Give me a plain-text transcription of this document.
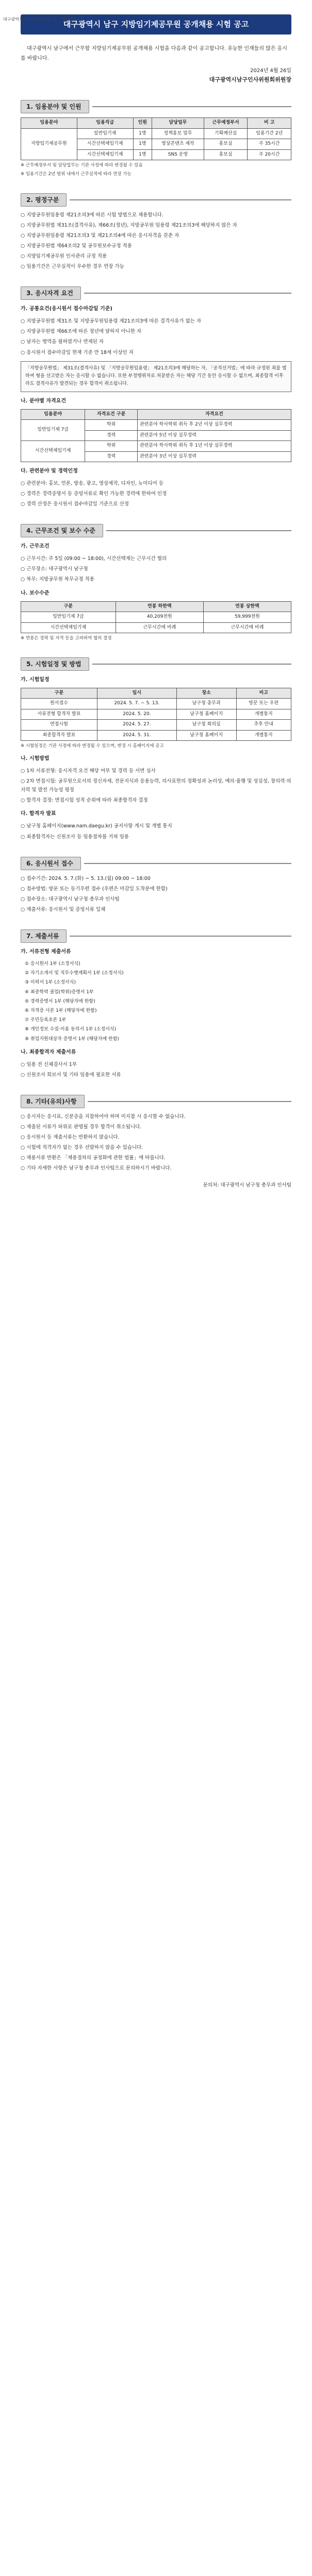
대구광역시남구인사위원회 공고 제2024 - 호
대구광역시 남구 지방임기제공무원 공개채용 시험 공고

대구광역시 남구에서 근무할 지방임기제공무원 공개채용 시험을 다음과 같이 공고합니다. 유능한 인재들의 많은 응시를 바랍니다.

2024년 4월 26일
대구광역시남구인사위원회위원장
1. 임용분야 및 인원
임용분야	임용직급	인원	담당업무	근무예정부서	비 고
지방임기제공무원	일반임기제	1명	정책홍보 업무	기획예산실	임용기간 2년
	시간선택제임기제	1명	영상콘텐츠 제작	홍보실	주 35시간
	시간선택제임기제	1명	SNS 운영	홍보실	주 20시간

※ 근무예정부서 및 담당업무는 기관 사정에 따라 변경될 수 있음

※ 임용기간은 2년 범위 내에서 근무실적에 따라 연장 가능

2. 평정구분

○ 지방공무원임용령 제21조의3에 따른 시험 방법으로 채용합니다.

○ 지방공무원법 제31조(결격사유), 제66조(정년), 지방공무원 임용령 제21조의3에 해당하지 않은 자

○ 지방공무원임용령 제21조의3 및 제21조의4에 따른 응시자격을 갖춘 자

○ 지방공무원법 제64조의2 및 공무원보수규정 적용

○ 지방임기제공무원 인사관리 규정 적용

○ 임용기간은 근무실적이 우수한 경우 연장 가능

3. 응시자격 요건

가. 공통요건(응시원서 접수마감일 기준)

○ 지방공무원법 제31조 및 지방공무원임용령 제21조의3에 따른 결격사유가 없는 자

○ 지방공무원법 제66조에 따른 정년에 달하지 아니한 자

○ 남자는 병역을 필하였거나 면제된 자

○ 응시원서 접수마감일 현재 기준 만 18세 이상인 자

「지방공무원법」 제31조(결격사유) 및 「지방공무원임용령」 제21조의3에 해당하는 자, 「공직선거법」에 따라 규정된 죄를 범하여 형을 선고받은 자는 응시할 수 없습니다. 또한 부정행위자로 처분받은 자는 해당 기간 동안 응시할 수 없으며, 최종합격 이후라도 결격사유가 발견되는 경우 합격이 취소됩니다.

나. 분야별 자격요건

임용분야	자격요건 구분	자격요건
일반임기제 7급	학위	관련분야 학사학위 취득 후 2년 이상 실무경력
	경력	관련분야 5년 이상 실무경력
시간선택제임기제	학위	관련분야 학사학위 취득 후 1년 이상 실무경력
	경력	관련분야 3년 이상 실무경력

다. 관련분야 및 경력인정

○ 관련분야: 홍보, 언론, 방송, 광고, 영상제작, 디자인, 뉴미디어 등

○ 경력은 경력증명서 등 증빙서류로 확인 가능한 경력에 한하여 인정

○ 경력 산정은 응시원서 접수마감일 기준으로 산정

4. 근무조건 및 보수 수준

가. 근무조건

○ 근무시간: 주 5일 (09:00 ~ 18:00), 시간선택제는 근무시간 협의

○ 근무장소: 대구광역시 남구청

○ 복무: 지방공무원 복무규정 적용

나. 보수수준

구분	연봉 하한액	연봉 상한액
일반임기제 7급	40,209천원	59,999천원
시간선택제임기제	근무시간에 비례	근무시간에 비례

※ 연봉은 경력 및 자격 등을 고려하여 협의 결정

5. 시험일정 및 방법

가. 시험일정

구분	일시	장소	비고
원서접수	2024. 5. 7. ~ 5. 13.	남구청 총무과	방문 또는 우편
서류전형 합격자 발표	2024. 5. 20.	남구청 홈페이지	개별통지
면접시험	2024. 5. 27.	남구청 회의실	추후 안내
최종합격자 발표	2024. 5. 31.	남구청 홈페이지	개별통지

※ 시험일정은 기관 사정에 따라 변경될 수 있으며, 변경 시 홈페이지에 공고

나. 시험방법

○ 1차 서류전형: 응시자격 요건 해당 여부 및 경력 등 서면 심사

○ 2차 면접시험: 공무원으로서의 정신자세, 전문지식과 응용능력, 의사표현의 정확성과 논리성, 예의·품행 및 성실성, 창의력·의지력 및 발전 가능성 평정

○ 합격자 결정: 면접시험 성적 순위에 따라 최종합격자 결정

다. 합격자 발표

○ 남구청 홈페이지(www.nam.daegu.kr) 공지사항 게시 및 개별 통지

○ 최종합격자는 신원조사 등 임용절차를 거쳐 임용

6. 응시원서 접수

○ 접수기간: 2024. 5. 7.(화) ~ 5. 13.(월) 09:00 ~ 18:00

○ 접수방법: 방문 또는 등기우편 접수 (우편은 마감일 도착분에 한함)

○ 접수장소: 대구광역시 남구청 총무과 인사팀

○ 제출서류: 응시원서 및 증빙서류 일체

7. 제출서류

가. 서류전형 제출서류

① 응시원서 1부 (소정서식)

② 자기소개서 및 직무수행계획서 1부 (소정서식)

③ 이력서 1부 (소정서식)

④ 최종학력 졸업(학위)증명서 1부

⑤ 경력증명서 1부 (해당자에 한함)

⑥ 자격증 사본 1부 (해당자에 한함)

⑦ 주민등록초본 1부

⑧ 개인정보 수집·이용 동의서 1부 (소정서식)

⑨ 취업지원대상자 증명서 1부 (해당자에 한함)

나. 최종합격자 제출서류

○ 임용 전 신체검사서 1부

○ 신원조사 회보서 및 기타 임용에 필요한 서류

8. 기타(유의)사항

○ 응시자는 응시표, 신분증을 지참하여야 하며 미지참 시 응시할 수 없습니다.

○ 제출된 서류가 허위로 판명될 경우 합격이 취소됩니다.

○ 응시원서 등 제출서류는 반환하지 않습니다.

○ 시험에 적격자가 없는 경우 선발하지 않을 수 있습니다.

○ 채용서류 반환은 「채용절차의 공정화에 관한 법률」에 따릅니다.

○ 기타 자세한 사항은 남구청 총무과 인사팀으로 문의하시기 바랍니다.

문의처: 대구광역시 남구청 총무과 인사팀
